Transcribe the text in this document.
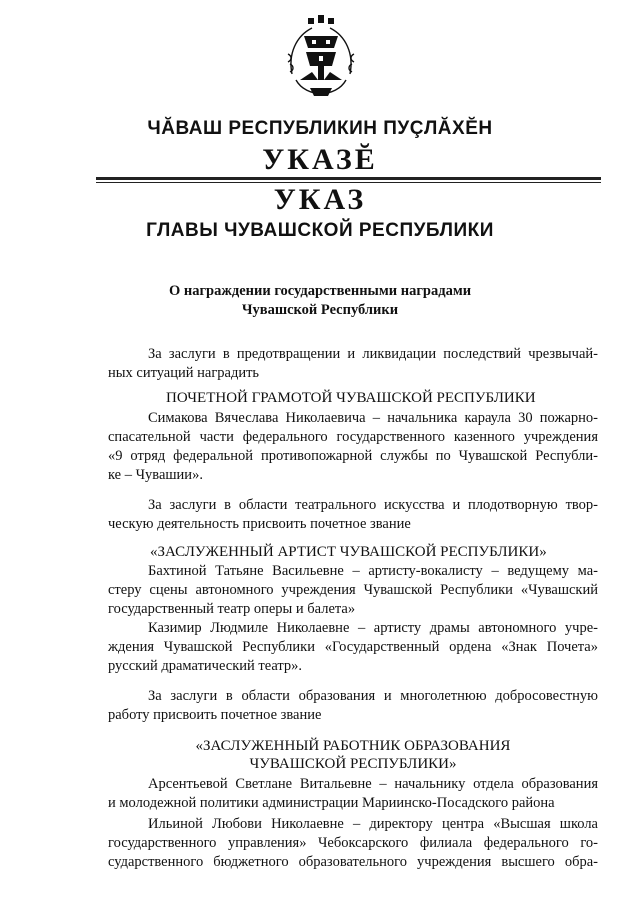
ЧĂВАШ РЕСПУБЛИКИН ПУÇЛĂХĔН
УКАЗĔ
УКАЗ
ГЛАВЫ ЧУВАШСКОЙ РЕСПУБЛИКИ
О награждении государственными наградами
Чувашской Республики
За заслуги в предотвращении и ликвидации последствий чрезвычай-
ных ситуаций наградить
ПОЧЕТНОЙ ГРАМОТОЙ ЧУВАШСКОЙ РЕСПУБЛИКИ
Симакова Вячеслава Николаевича – начальника караула 30 пожарно-
спасательной части федерального государственного казенного учреждения
«9 отряд федеральной противопожарной службы по Чувашской Республи-
ке – Чувашии».
За заслуги в области театрального искусства и плодотворную твор-
ческую деятельность присвоить почетное звание
«ЗАСЛУЖЕННЫЙ АРТИСТ ЧУВАШСКОЙ РЕСПУБЛИКИ»
Бахтиной Татьяне Васильевне – артисту-вокалисту – ведущему ма-
стеру сцены автономного учреждения Чувашской Республики «Чувашский
государственный театр оперы и балета»
Казимир Людмиле Николаевне – артисту драмы автономного учре-
ждения Чувашской Республики «Государственный ордена «Знак Почета»
русский драматический театр».
За заслуги в области образования и многолетнюю добросовестную
работу присвоить почетное звание
«ЗАСЛУЖЕННЫЙ РАБОТНИК ОБРАЗОВАНИЯ
ЧУВАШСКОЙ РЕСПУБЛИКИ»
Арсентьевой Светлане Витальевне – начальнику отдела образования
и молодежной политики администрации Мариинско-Посадского района
Ильиной Любови Николаевне – директору центра «Высшая школа
государственного управления» Чебоксарского филиала федерального го-
сударственного бюджетного образовательного учреждения высшего обра-
